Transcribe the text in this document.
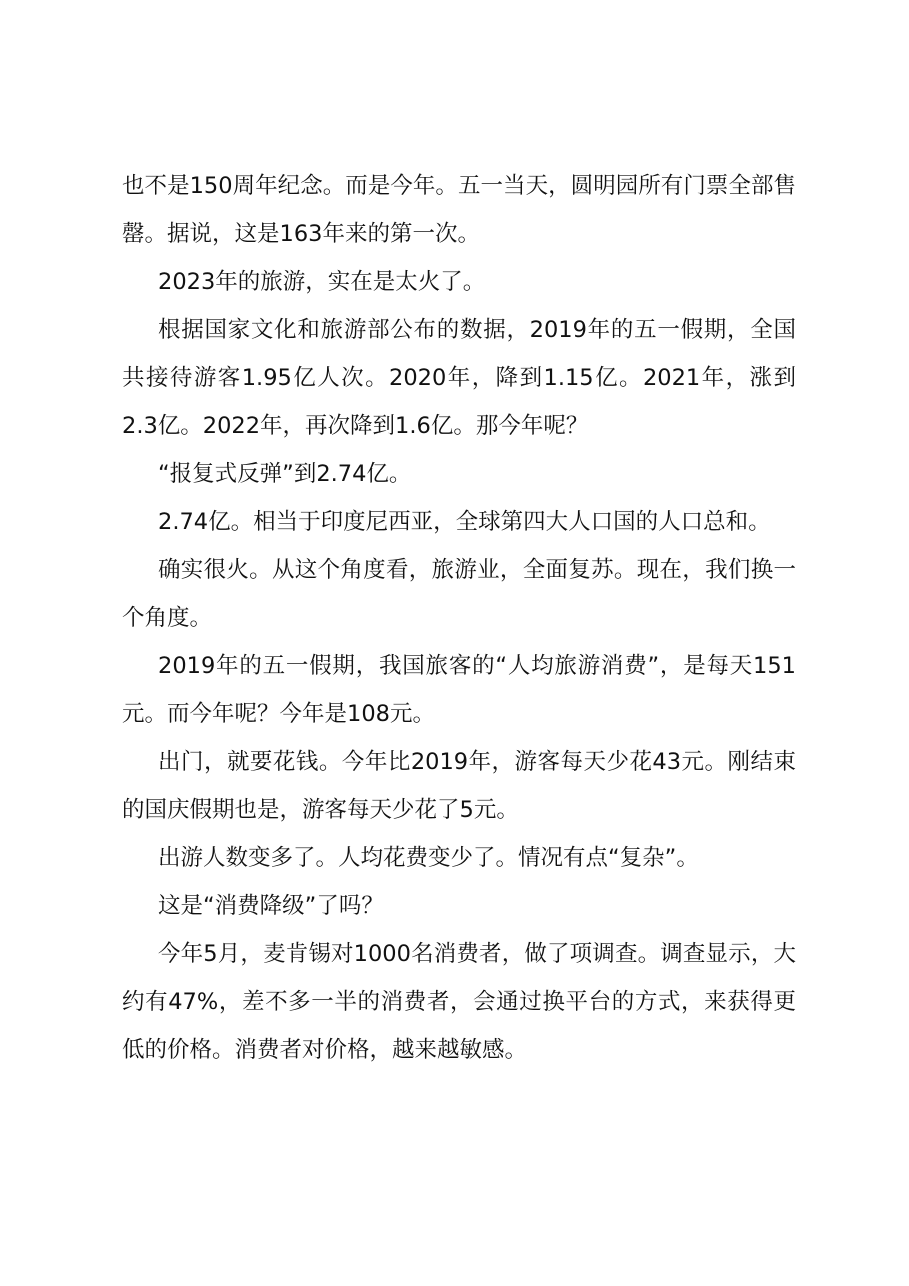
也不是150周年纪念。而是今年。五一当天，圆明园所有门票全部售罄。据说，这是163年来的第一次。

2023年的旅游，实在是太火了。

根据国家文化和旅游部公布的数据，2019年的五一假期，全国共接待游客1.95亿人次。2020年，降到1.15亿。2021年，涨到2.3亿。2022年，再次降到1.6亿。那今年呢？

“报复式反弹”到2.74亿。

2.74亿。相当于印度尼西亚，全球第四大人口国的人口总和。

确实很火。从这个角度看，旅游业，全面复苏。现在，我们换一个角度。

2019年的五一假期，我国旅客的“人均旅游消费”，是每天151元。而今年呢？今年是108元。

出门，就要花钱。今年比2019年，游客每天少花43元。刚结束的国庆假期也是，游客每天少花了5元。

出游人数变多了。人均花费变少了。情况有点“复杂”。

这是“消费降级”了吗？

今年5月，麦肯锡对1000名消费者，做了项调查。调查显示，大约有47%，差不多一半的消费者，会通过换平台的方式，来获得更低的价格。消费者对价格，越来越敏感。
